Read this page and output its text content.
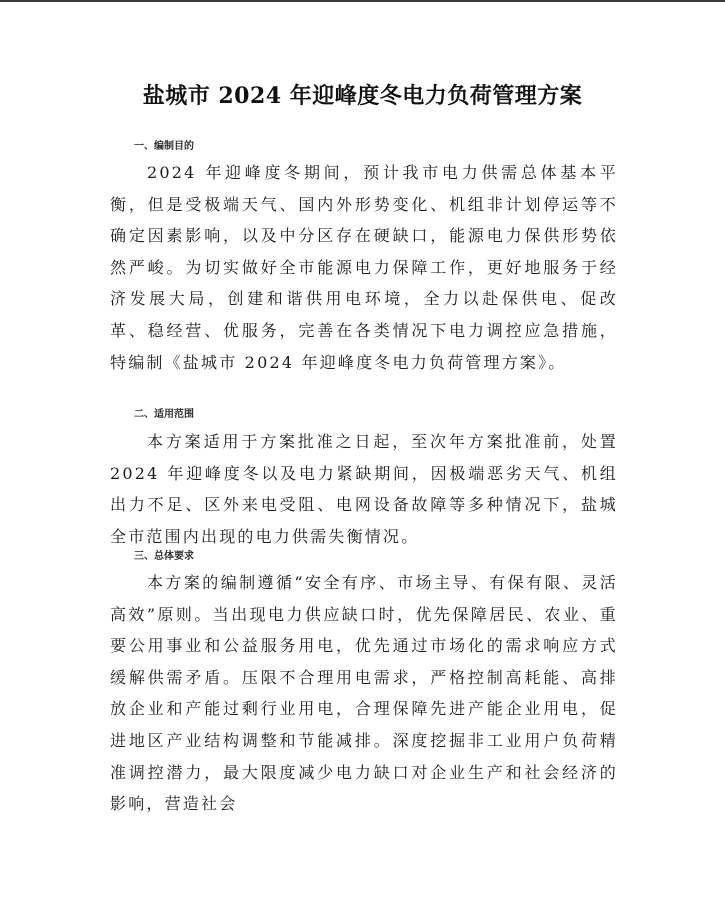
盐城市 2024 年迎峰度冬电力负荷管理方案
一、编制目的
2024 年迎峰度冬期间，预计我市电力供需总体基本平衡，但是受极端天气、国内外形势变化、机组非计划停运等不确定因素影响，以及中分区存在硬缺口，能源电力保供形势依然严峻。为切实做好全市能源电力保障工作，更好地服务于经济发展大局，创建和谐供用电环境，全力以赴保供电、促改革、稳经营、优服务，完善在各类情况下电力调控应急措施，特编制《盐城市 2024 年迎峰度冬电力负荷管理方案》。
二、适用范围
本方案适用于方案批准之日起，至次年方案批准前，处置 2024 年迎峰度冬以及电力紧缺期间，因极端恶劣天气、机组出力不足、区外来电受阻、电网设备故障等多种情况下，盐城全市范围内出现的电力供需失衡情况。
三、总体要求
本方案的编制遵循“安全有序、市场主导、有保有限、灵活高效”原则。当出现电力供应缺口时，优先保障居民、农业、重要公用事业和公益服务用电，优先通过市场化的需求响应方式缓解供需矛盾。压限不合理用电需求，严格控制高耗能、高排放企业和产能过剩行业用电，合理保障先进产能企业用电，促进地区产业结构调整和节能减排。深度挖掘非工业用户负荷精准调控潜力，最大限度减少电力缺口对企业生产和社会经济的影响，营造社会
